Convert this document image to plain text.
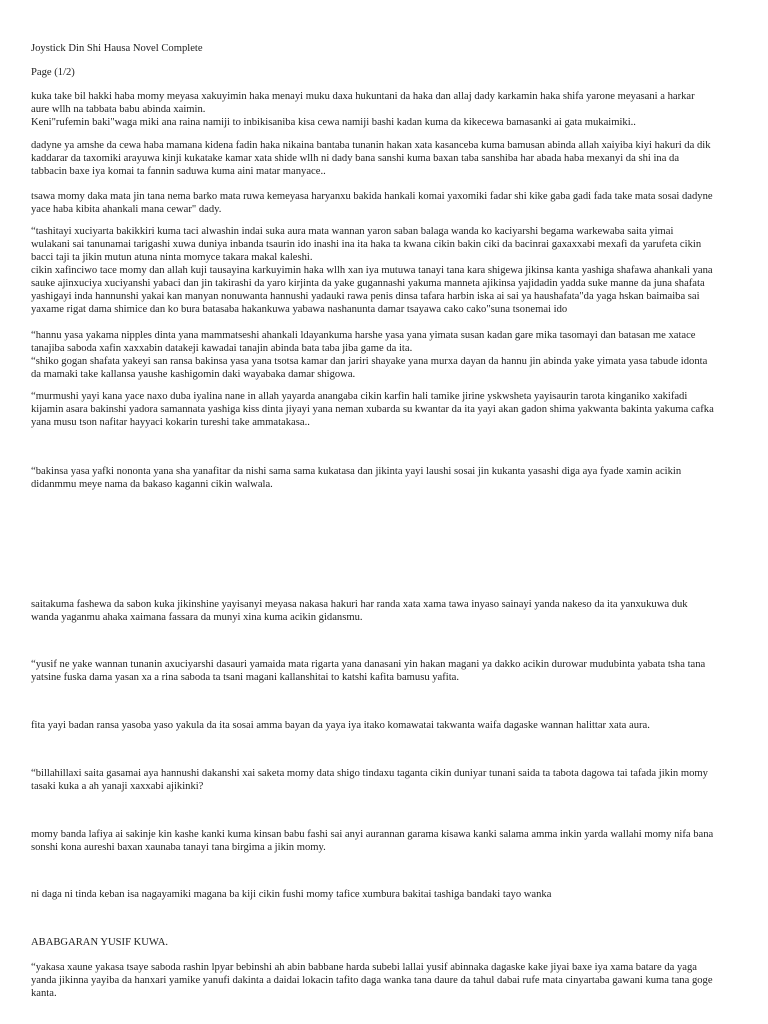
Joystick Din Shi Hausa Novel Complete
Page (1/2)
kuka take bil hakki haba momy meyasa xakuyimin haka menayi muku daxa hukuntani da haka dan allaj dady karkamin haka shifa yarone meyasani a harkar
aure wllh na tabbata babu abinda xaimin.
Keni"rufemin baki"waga miki ana raina namiji to inbikisaniba kisa cewa namiji bashi kadan kuma da kikecewa bamasanki ai gata mukaimiki..
dadyne ya amshe da cewa haba mamana kidena fadin haka nikaina bantaba tunanin hakan xata kasanceba kuma bamusan abinda allah xaiyiba kiyi hakuri da dik
kaddarar da taxomiki arayuwa kinji kukatake kamar xata shide wllh ni dady bana sanshi kuma baxan taba sanshiba har abada haba mexanyi da shi ina da
tabbacin baxe iya komai ta fannin saduwa kuma aini matar manyace..
tsawa momy daka mata jin tana nema barko mata ruwa kemeyasa haryanxu bakida hankali komai yaxomiki fadar shi kike gaba gadi fada take mata sosai dadyne
yace haba kibita ahankali mana cewar" dady.
“tashitayi xuciyarta bakikkiri kuma taci alwashin indai suka aura mata wannan yaron saban balaga wanda ko kaciyarshi begama warkewaba saita yimai
wulakani sai tanunamai tarigashi xuwa duniya inbanda tsaurin ido inashi ina ita haka ta kwana cikin bakin ciki da bacinrai gaxaxxabi mexafi da yarufeta cikin
bacci taji ta jikin mutun atuna ninta momyce takara makal kaleshi.
cikin xafinciwo tace momy dan allah kuji tausayina karkuyimin haka wllh xan iya mutuwa tanayi tana kara shigewa jikinsa kanta yashiga shafawa ahankali yana
sauke ajinxuciya xuciyanshi yabaci dan jin takirashi da yaro kirjinta da yake gugannashi yakuma manneta ajikinsa yajidadin yadda suke manne da juna shafata
yashigayi inda hannunshi yakai kan manyan nonuwanta hannushi yadauki rawa penis dinsa tafara harbin iska ai sai ya haushafata"da yaga hskan baimaiba sai
yaxame rigat dama shimice dan ko bura batasaba hakankuwa yabawa nashanunta damar tsayawa cako cako"suna tsonemai ido
“hannu yasa yakama nipples dinta yana mammatseshi ahankali ldayankuma harshe yasa yana yimata susan kadan gare mika tasomayi dan batasan me xatace
tanajiba saboda xafin xaxxabin datakeji kawadai tanajin abinda bata taba jiba game da ita.
“shiko gogan shafata yakeyi san ransa bakinsa yasa yana tsotsa kamar dan jariri shayake yana murxa dayan da hannu jin abinda yake yimata yasa tabude idonta
da mamaki take kallansa yaushe kashigomin daki wayabaka damar shigowa.
“murmushi yayi kana yace naxo duba iyalina nane in allah yayarda anangaba cikin karfin hali tamike jirine yskwsheta yayisaurin tarota kinganiko xakifadi
kijamin asara bakinshi yadora samannata yashiga kiss dinta jiyayi yana neman xubarda su kwantar da ita yayi akan gadon shima yakwanta bakinta yakuma cafka
yana musu tson nafitar hayyaci kokarin tureshi take ammatakasa..
“bakinsa yasa yafki nononta yana sha yanafitar da nishi sama sama kukatasa dan jikinta yayi laushi sosai jin kukanta yasashi diga aya fyade xamin acikin
didanmmu meye nama da bakaso kaganni cikin walwala.
saitakuma fashewa da sabon kuka jikinshine yayisanyi meyasa nakasa hakuri har randa xata xama tawa inyaso sainayi yanda nakeso da ita yanxukuwa duk
wanda yaganmu ahaka xaimana fassara da munyi xina kuma acikin gidansmu.
“yusif ne yake wannan tunanin axuciyarshi dasauri yamaida mata rigarta yana danasani yin hakan magani ya dakko acikin durowar mudubinta yabata tsha tana
yatsine fuska dama yasan xa a rina saboda ta tsani magani kallanshitai to katshi kafita bamusu yafita.
fita yayi badan ransa yasoba yaso yakula da ita sosai amma bayan da yaya iya itako komawatai takwanta waifa dagaske wannan halittar xata aura.
“billahillaxi saita gasamai aya hannushi dakanshi xai saketa momy data shigo tindaxu taganta cikin duniyar tunani saida ta tabota dagowa tai tafada jikin momy
tasaki kuka a ah yanaji xaxxabi ajikinki?
momy banda lafiya ai sakinje kin kashe kanki kuma kinsan babu fashi sai anyi aurannan garama kisawa kanki salama amma inkin yarda wallahi momy nifa bana
sonshi kona aureshi baxan xaunaba tanayi tana birgima a jikin momy.
ni daga ni tinda keban isa nagayamiki magana ba kiji cikin fushi momy tafice xumbura bakitai tashiga bandaki tayo wanka
ABABGARAN YUSIF KUWA.
“yakasa xaune yakasa tsaye saboda rashin lpyar bebinshi ah abin babbane harda subebi lallai yusif abinnaka dagaske kake jiyai baxe iya xama batare da yaga
yanda jikinna yayiba da hanxari yamike yanufi dakinta a daidai lokacin tafito daga wanka tana daure da tahul dabai rufe mata cinyartaba gawani kuma tana goge
kanta.
